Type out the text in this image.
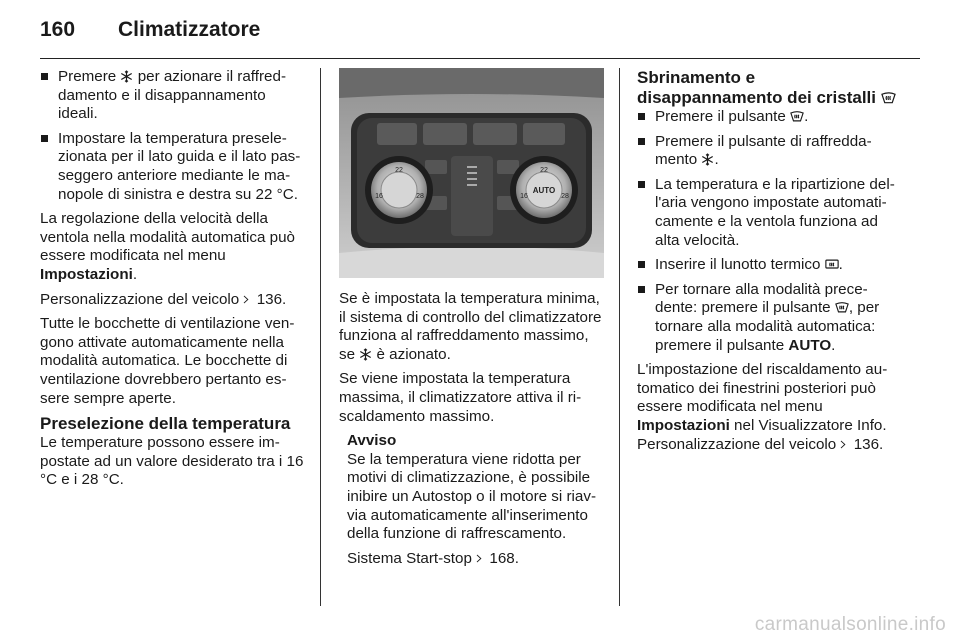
160 Climatizzatore
Premere  per azionare il raffreddamento e il disappannamento ideali.
Impostare la temperatura preselezionata per il lato guida e il lato passeggero anteriore mediante le manopole di sinistra e destra su 22 °C.

La regolazione della velocità della ventola nella modalità automatica può essere modificata nel menu Impostazioni.

Personalizzazione del veicolo  136.

Tutte le bocchette di ventilazione vengono attivate automaticamente nella modalità automatica. Le bocchette di ventilazione dovrebbero pertanto essere sempre aperte.

Preselezione della temperatura

Le temperature possono essere impostate ad un valore desiderato tra i 16 °C e i 28 °C.

22
16	28
AUTO
22
16	28

Se è impostata la temperatura minima, il sistema di controllo del climatizzatore funziona al raffreddamento massimo, se  è azionato.

Se viene impostata la temperatura massima, il climatizzatore attiva il riscaldamento massimo.

Avviso

Se la temperatura viene ridotta per motivi di climatizzazione, è possibile inibire un Autostop o il motore si riavvia automaticamente all'inserimento della funzione di raffrescamento.

Sistema Start-stop  168.

Sbrinamento e disappannamento dei cristalli
Premere il pulsante .
Premere il pulsante di raffreddamento .
La temperatura e la ripartizione dell'aria vengono impostate automaticamente e la ventola funziona ad alta velocità.
Inserire il lunotto termico .
Per tornare alla modalità precedente: premere il pulsante , per tornare alla modalità automatica: premere il pulsante AUTO.

L'impostazione del riscaldamento automatico dei finestrini posteriori può essere modificata nel menu Impostazioni nel Visualizzatore Info. Personalizzazione del veicolo  136.

carmanualsonline.info
